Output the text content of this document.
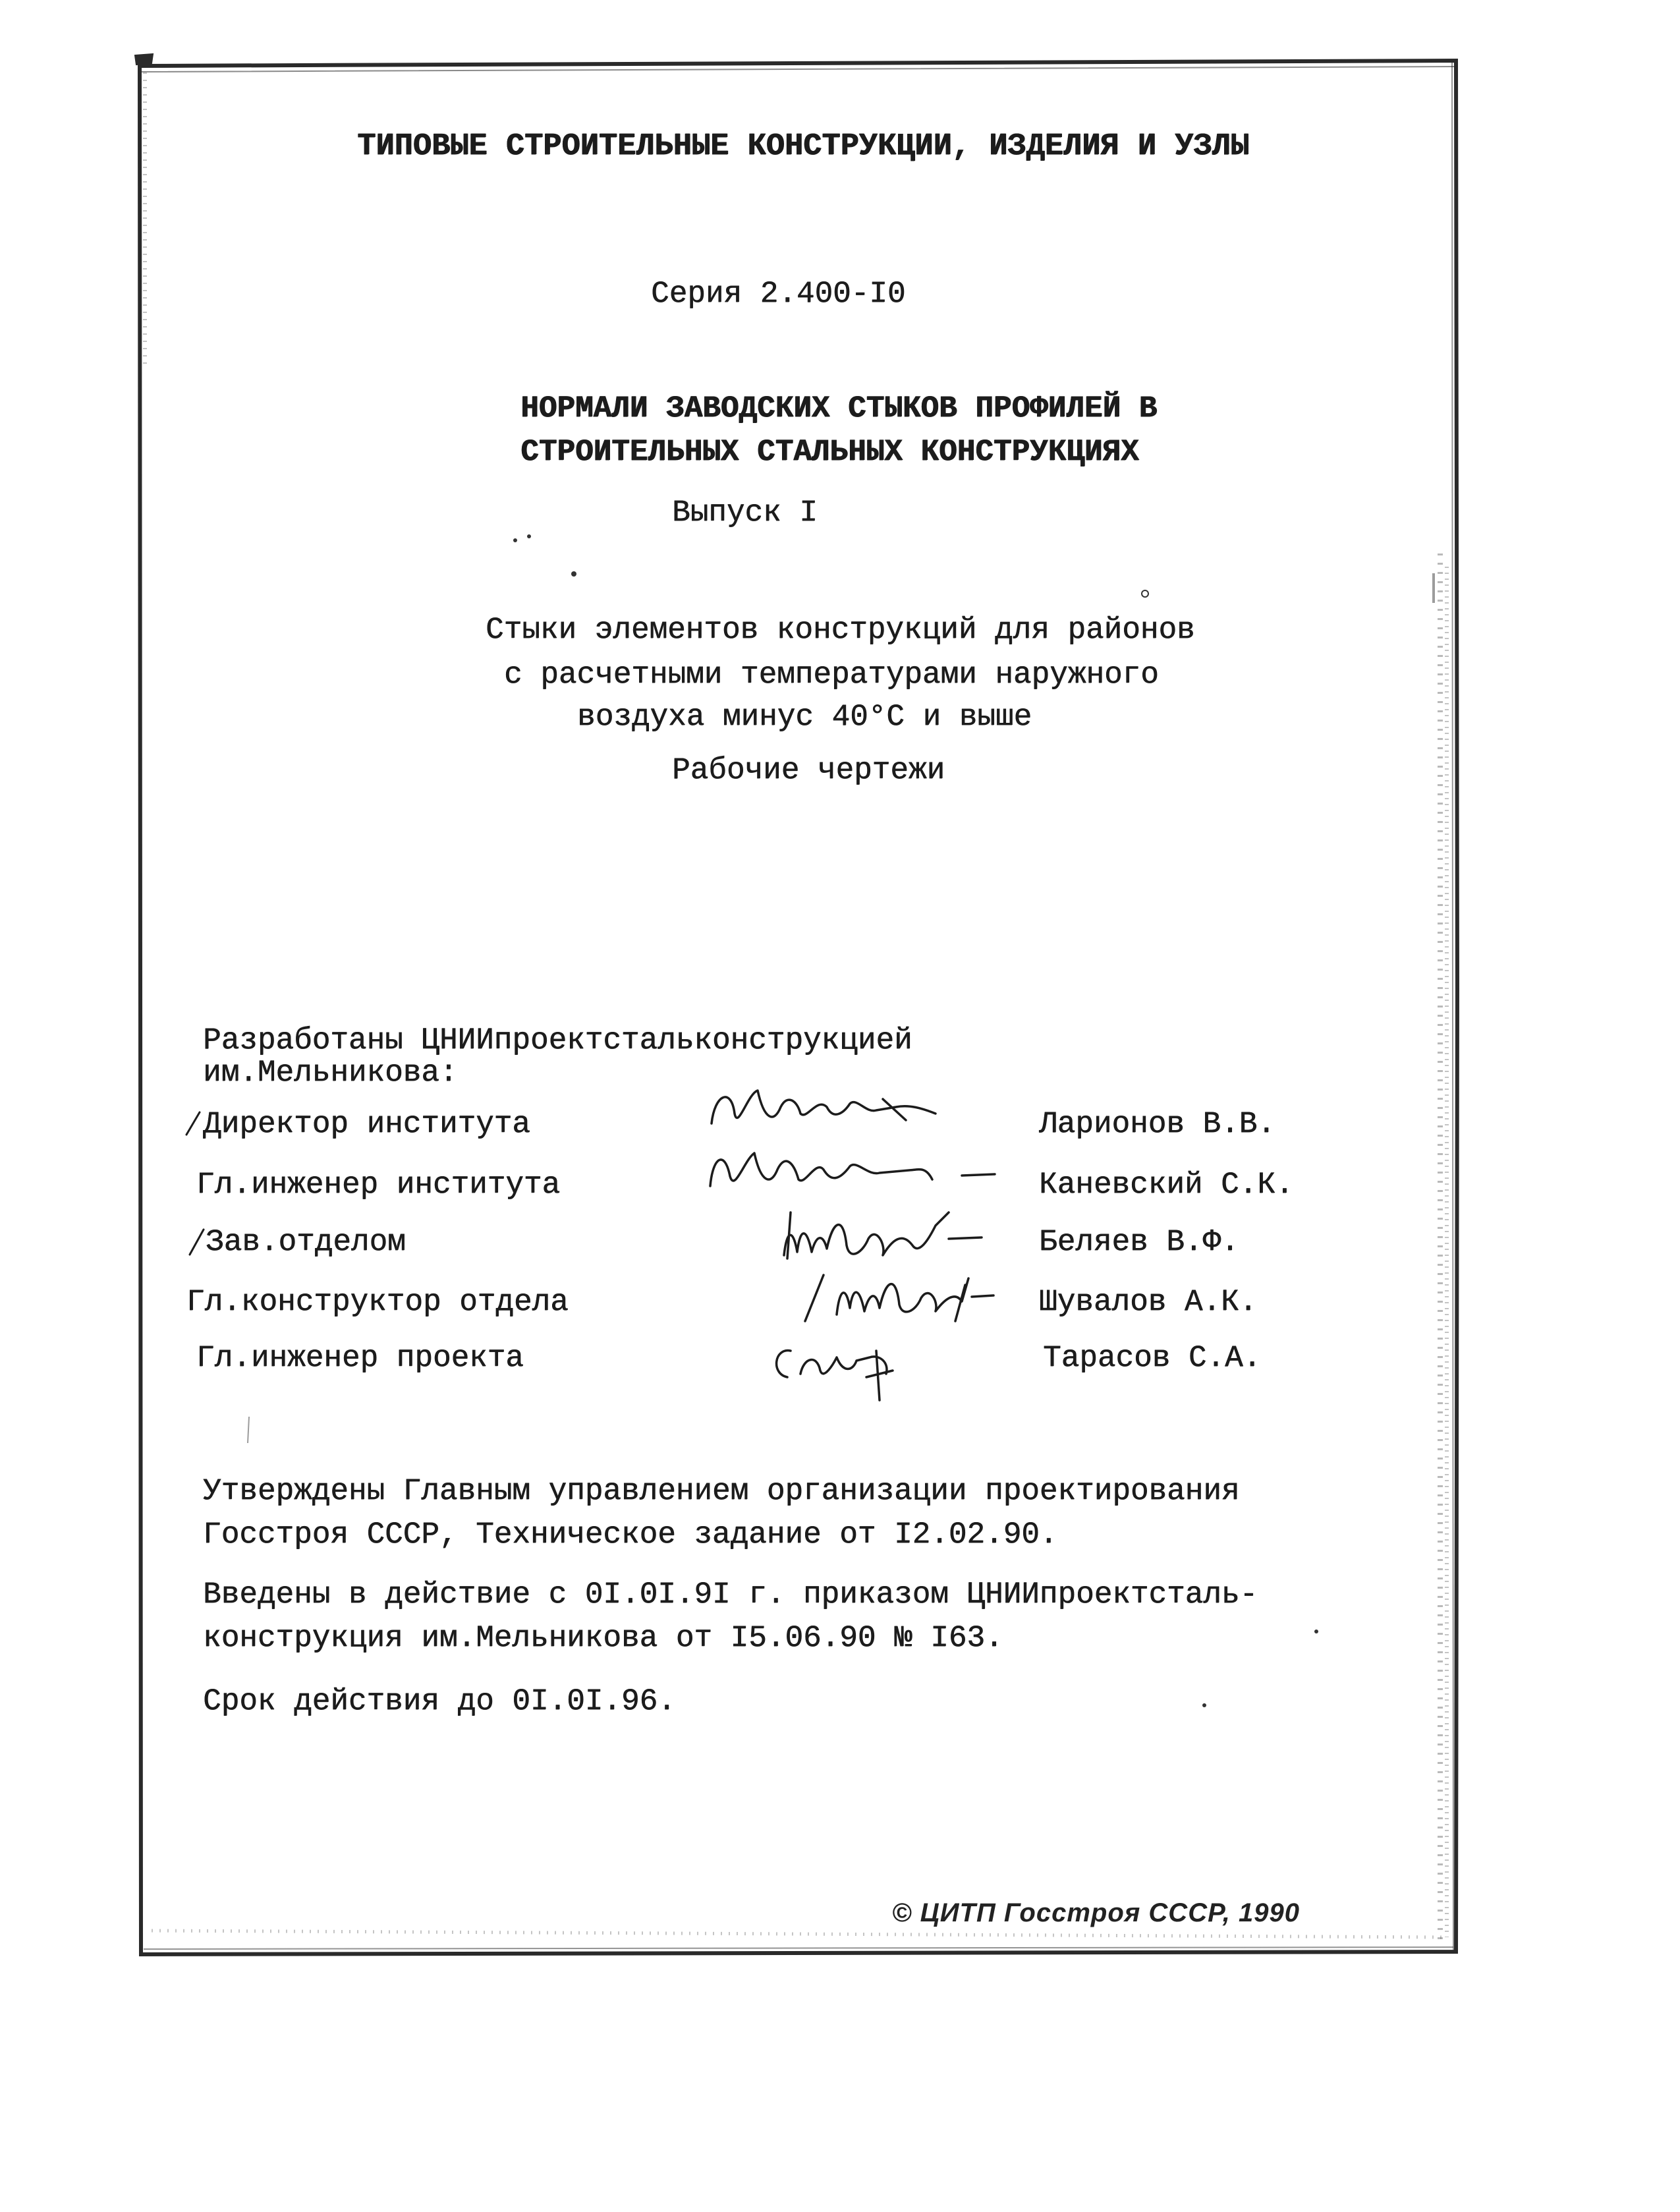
ТИПОВЫЕ СТРОИТЕЛЬНЫЕ КОНСТРУКЦИИ, ИЗДЕЛИЯ И УЗЛЫ
Серия 2.400-I0
НОРМАЛИ ЗАВОДСКИХ СТЫКОВ ПРОФИЛЕЙ В
СТРОИТЕЛЬНЫХ СТАЛЬНЫХ КОНСТРУКЦИЯХ
Выпуск I
Стыки элементов конструкций для районов
с расчетными температурами наружного
воздуха минус 40°С и выше
Рабочие чертежи
Разработаны ЦНИИпроектстальконструкцией
им.Мельникова:
Директор института	Ларионов В.В.
Гл.инженер института	Каневский С.К.
Зав.отделом	Беляев В.Ф.
Гл.конструктор отдела	Шувалов А.К.
Гл.инженер проекта	Тарасов С.А.
Утверждены Главным управлением организации проектирования
Госстроя СССР, Техническое задание от I2.02.90.
Введены в действие с 0I.0I.9I г. приказом ЦНИИпроектсталь-
конструкция им.Мельникова от I5.06.90 № I63.
Срок действия до 0I.0I.96.
© ЦИТП Госстроя СССР, 1990
